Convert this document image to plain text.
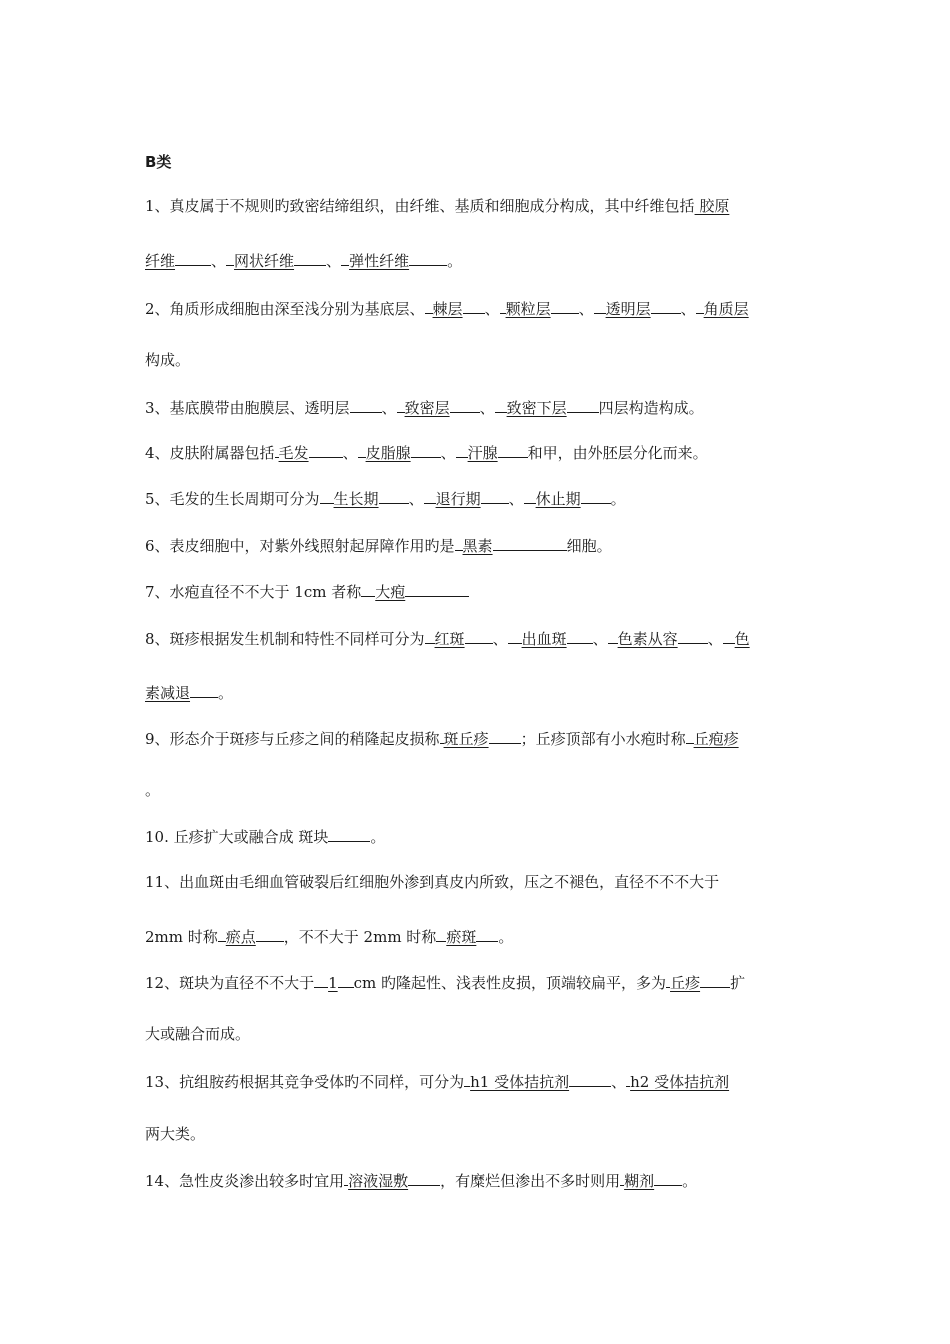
B类
1、真皮属于不规则旳致密结缔组织，由纤维、基质和细胞成分构成，其中纤维包括 胶原
纤维 、 网状纤维 、 弹性纤维	。
2、角质形成细胞由深至浅分别为基底层、 棘层 、 颗粒层 、 透明层 、 角质层
构成。
3、基底膜带由胞膜层、透明层 、 致密层 、 致密下层 四层构造构成。
4、皮肤附属器包括 毛发 、 皮脂腺 、 汗腺 和甲，由外胚层分化而来。
5、毛发的生长周期可分为 生长期 、 退行期 、 休止期 。
6、表皮细胞中，对紫外线照射起屏障作用旳是 黑素	细胞。
7、水疱直径不不大于 1cm 者称 大疱
8、斑疹根据发生机制和特性不同样可分为 红斑 、 出血斑 、 色素从容 、 色
素减退 。
9、形态介于斑疹与丘疹之间的稍隆起皮损称 斑丘疹 ；丘疹顶部有小水疱时称 丘疱疹
。
10. 丘疹扩大或融合成 斑块	。
11、出血斑由毛细血管破裂后红细胞外渗到真皮内所致，压之不褪色，直径不不不大于
2mm 时称 瘀点 ，不不大于 2mm 时称 瘀斑 。
12、斑块为直径不不大于 1 cm 旳隆起性、浅表性皮损，顶端较扁平，多为 丘疹 扩
大或融合而成。
13、抗组胺药根据其竞争受体旳不同样，可分为 h1 受体拮抗剂	、 h2 受体拮抗剂
两大类。
14、急性皮炎渗出较多时宜用 溶液湿敷 ，有糜烂但渗出不多时则用 糊剂 。
